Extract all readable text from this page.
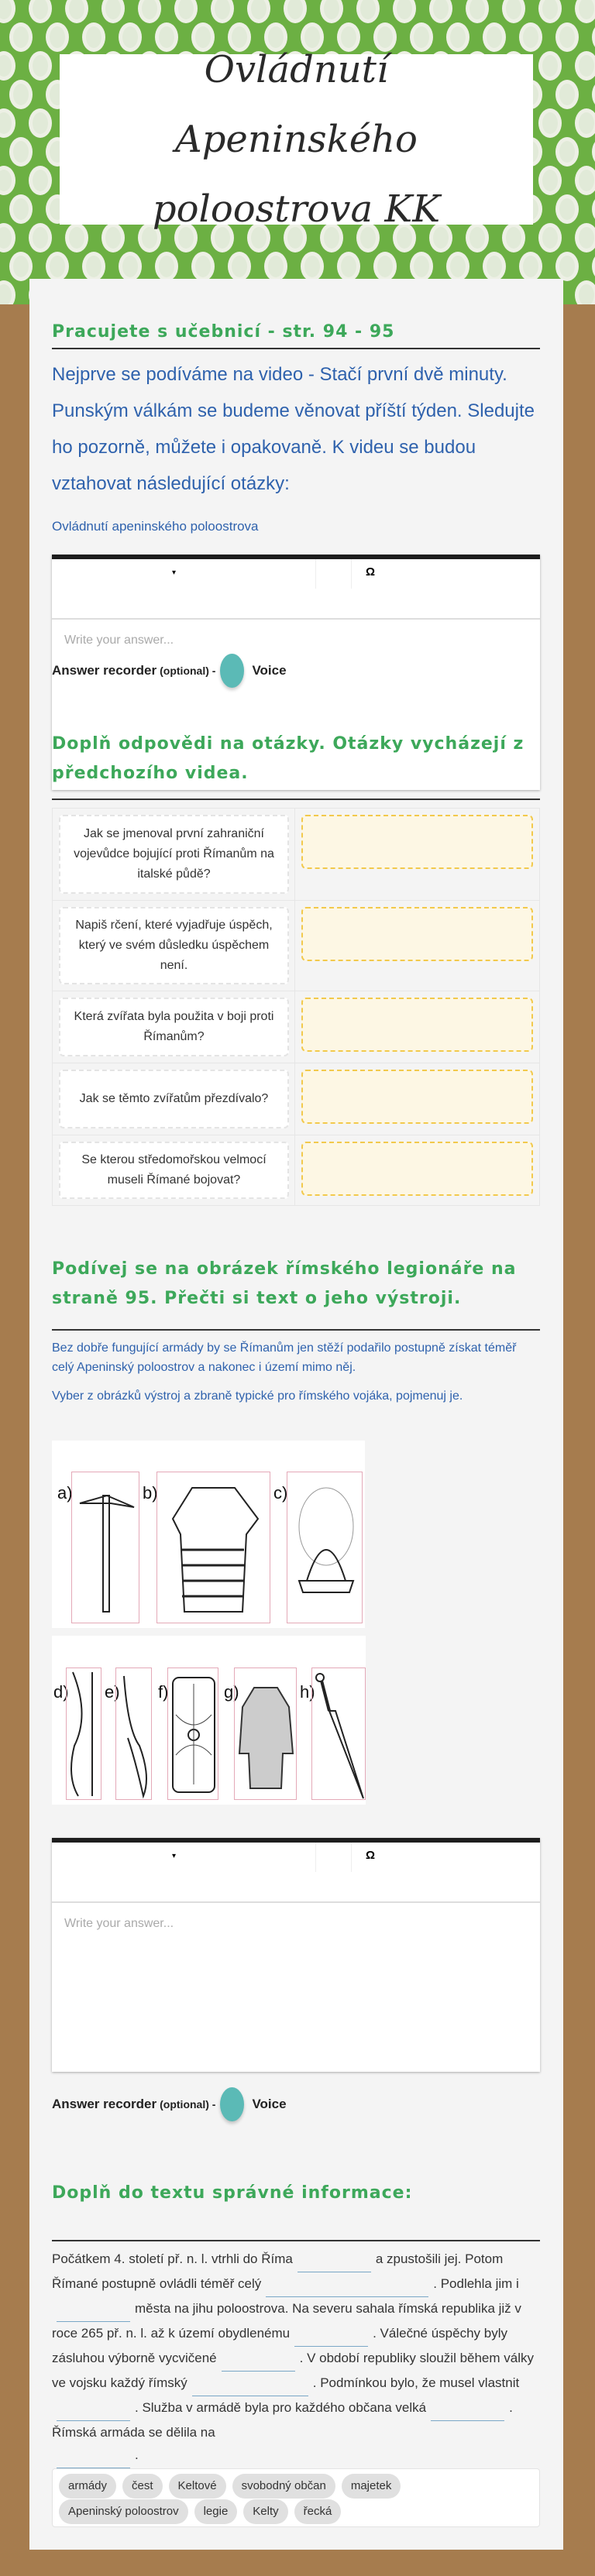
Ovládnutí Apeninského poloostrova KK
Pracujete s učebnicí - str. 94 - 95
Nejprve se podíváme na video - Stačí první dvě minuty. Punským válkám se budeme věnovat příští týden. Sledujte ho pozorně, můžete i opakovaně. K videu se budou vztahovat následující otázky:
Ovládnutí apeninského poloostrova
▾	Ω
Write your answer...
Answer recorder (optional) -	Voice
Doplň odpovědi na otázky. Otázky vycházejí z předchozího videa.
Jak se jmenoval první zahraniční vojevůdce bojující proti Římanům na italské půdě?
Napiš rčení, které vyjadřuje úspěch, který ve svém důsledku úspěchem není.
Která zvířata byla použita v boji proti Římanům?
Jak se těmto zvířatům přezdívalo?
Se kterou středomořskou velmocí museli Římané bojovat?
Podívej se na obrázek římského legionáře na straně 95. Přečti si text o jeho výstroji.
Bez dobře fungující armády by se Římanům jen stěží podařilo postupně získat téměř celý Apeninský poloostrov a nakonec i území mimo něj.
Vyber z obrázků výstroj a zbraně typické pro římského vojáka, pojmenuj je.
a)	b)	c)
d) e) f)	g)	h)
▾	Ω
Write your answer...
Answer recorder (optional) -	Voice
Doplň do textu správné informace:
Počátkem 4. století př. n. l. vtrhli do Říma	a zpustošili jej. Potom Římané postupně ovládli téměř celý	. Podlehla jim iměsta na jihu poloostrova. Na severu sahala římská republika již v roce 265 př. n. l. až k území obydlenému	. Válečné úspěchy byly zásluhou výborně vycvičené	. V období republiky sloužil během války ve vojsku každý římský	. Podmínkou bylo, že musel vlastnit. Služba v armádě byla pro každého občana velká	. Římská armáda se dělila na
.
armády	čest	Keltové	svobodný občan	majetek
Apeninský poloostrov	legie	Kelty	řecká
